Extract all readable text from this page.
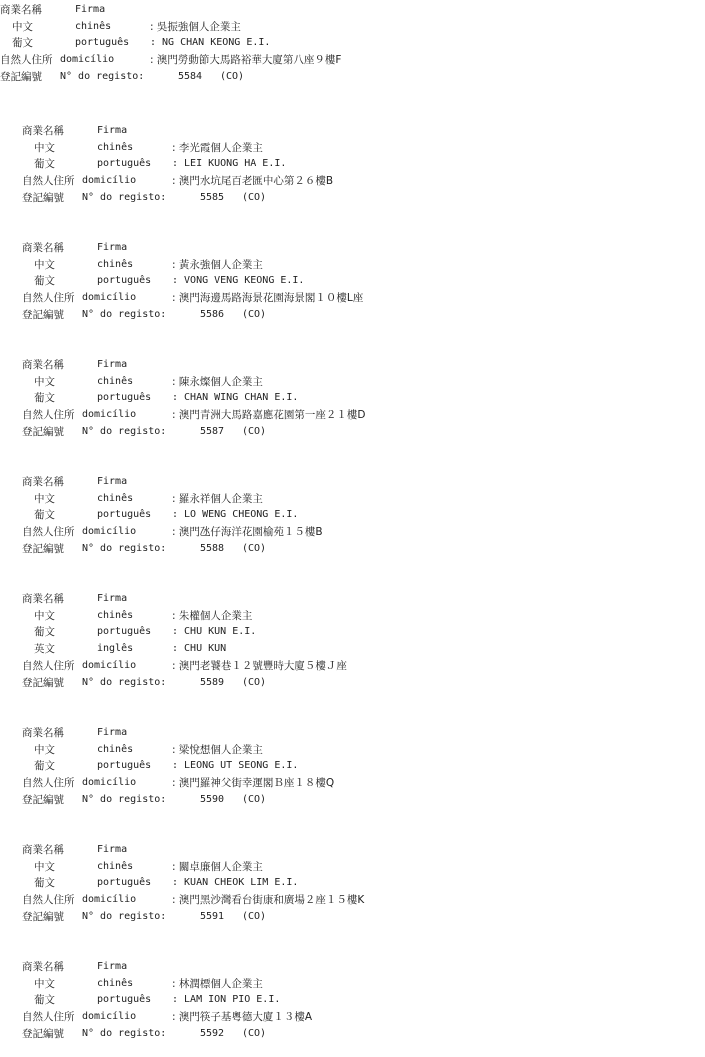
商業名稱	Firma
中文	chinês	: 吳振強個人企業主
葡文	português : NG CHAN KEONG E.I.
自然人住所 domicílio	: 澳門勞動節大馬路裕華大廈第八座９樓F
登記編號 N° do registo:	5584 (CO)
商業名稱	Firma
中文	chinês	: 李光霞個人企業主
葡文	português : LEI KUONG HA E.I.
自然人住所 domicílio	: 澳門水坑尾百老匯中心第２６樓B
登記編號 N° do registo:	5585 (CO)
商業名稱	Firma
中文	chinês	: 黃永強個人企業主
葡文	português : VONG VENG KEONG E.I.
自然人住所 domicílio	: 澳門海邊馬路海景花園海景閣１０樓L座
登記編號 N° do registo:	5586 (CO)
商業名稱	Firma
中文	chinês	: 陳永燦個人企業主
葡文	português : CHAN WING CHAN E.I.
自然人住所 domicílio	: 澳門青洲大馬路嘉應花園第一座２１樓D
登記編號 N° do registo:	5587 (CO)
商業名稱	Firma
中文	chinês	: 羅永祥個人企業主
葡文	português : LO WENG CHEONG E.I.
自然人住所 domicílio	: 澳門氹仔海洋花園榆苑１５樓B
登記編號 N° do registo:	5588 (CO)
商業名稱	Firma
中文	chinês	: 朱權個人企業主
葡文	português : CHU KUN E.I.
英文	inglês	: CHU KUN
自然人住所 domicílio	: 澳門老饕巷１２號豐時大廈５樓Ｊ座
登記編號 N° do registo:	5589 (CO)
商業名稱	Firma
中文	chinês	: 梁悅想個人企業主
葡文	português : LEONG UT SEONG E.I.
自然人住所 domicílio	: 澳門羅神父街幸運閣Ｂ座１８樓Q
登記編號 N° do registo:	5590 (CO)
商業名稱	Firma
中文	chinês	: 關卓廉個人企業主
葡文	português : KUAN CHEOK LIM E.I.
自然人住所 domicílio	: 澳門黑沙灣看台街康和廣場２座１５樓K
登記編號 N° do registo:	5591 (CO)
商業名稱	Firma
中文	chinês	: 林潤標個人企業主
葡文	português : LAM ION PIO E.I.
自然人住所 domicílio	: 澳門筷子基粵德大廈１３樓A
登記編號 N° do registo:	5592 (CO)
